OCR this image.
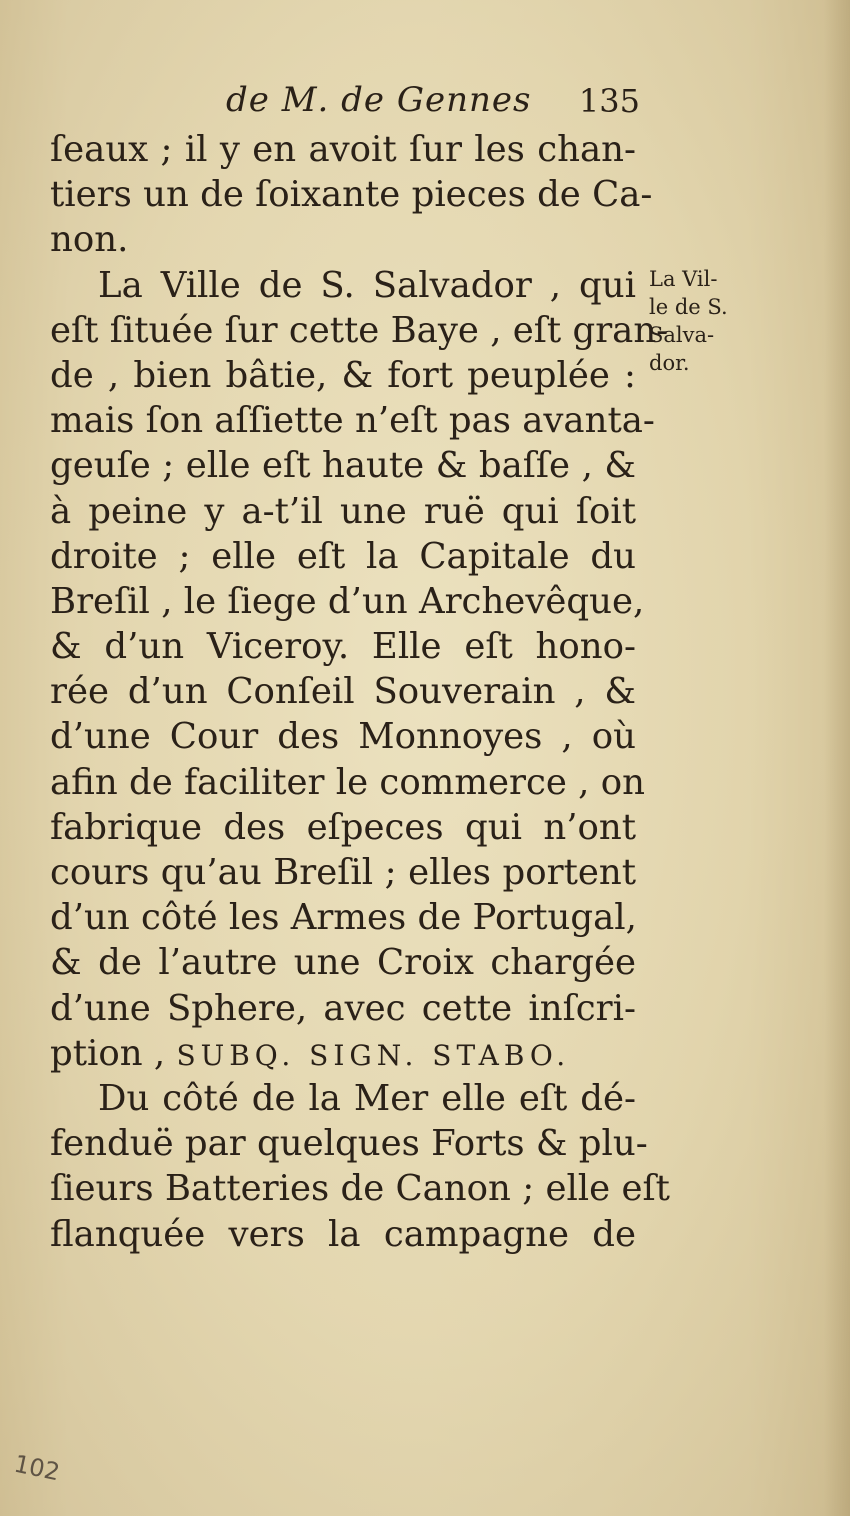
de M. de Gennes 135
ſeaux ; il y en avoit ſur les chan-
tiers un de ſoixante pieces de Ca-
non.
La Ville de S. Salvador , qui
eſt ſituée ſur cette Baye , eſt gran-
de , bien bâtie, & fort peuplée :
mais ſon aſſiette n’eſt pas avanta-
geuſe ; elle eſt haute & baſſe , &
à peine y a-t’il une ruë qui ſoit
droite ; elle eſt la Capitale du
Breſil , le ſiege d’un Archevêque,
& d’un Viceroy. Elle eſt hono-
rée d’un Conſeil Souverain , &
d’une Cour des Monnoyes , où
afin de faciliter le commerce , on
fabrique des eſpeces qui n’ont
cours qu’au Breſil ; elles portent
d’un côté les Armes de Portugal,
& de l’autre une Croix chargée
d’une Sphere, avec cette inſcri-
ption , SUBQ. SIGN. STABO.
Du côté de la Mer elle eſt dé-
fenduë par quelques Forts & plu-
ſieurs Batteries de Canon ; elle eſt
flanquée vers la campagne de
La Vil-
le de S.
Salva-
dor.
102
